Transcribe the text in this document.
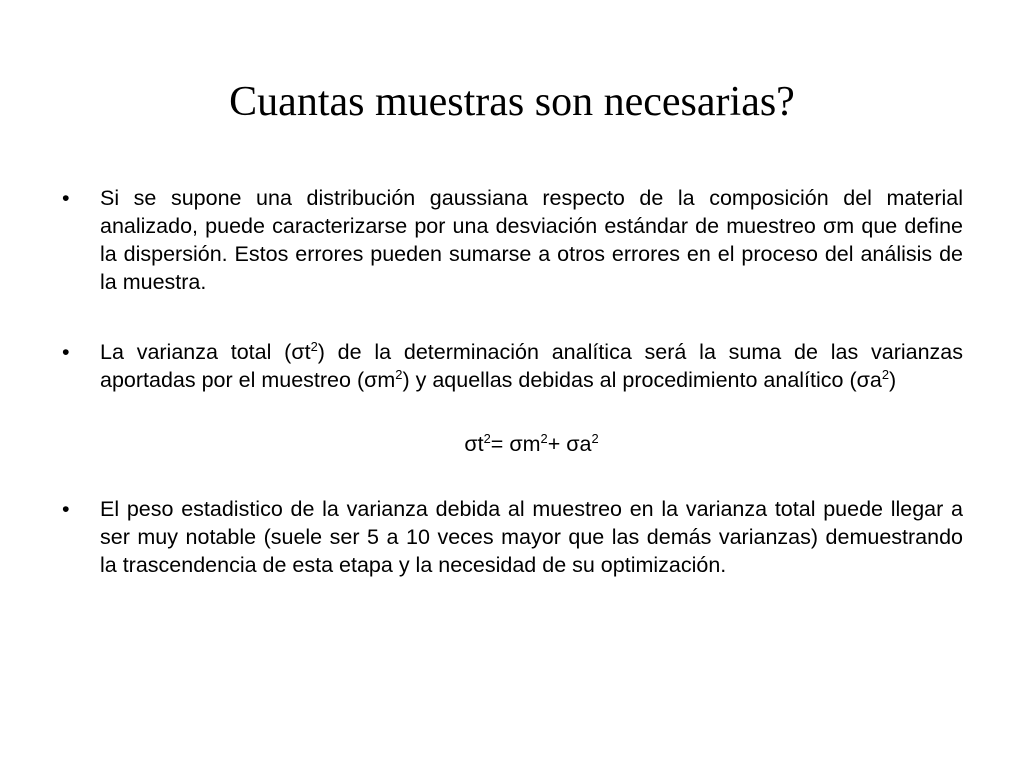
Cuantas muestras son necesarias?

•	Si se supone una distribución gaussiana respecto de la composición del material analizado, puede caracterizarse por una desviación estándar de muestreo σm que define la dispersión. Estos errores pueden sumarse a otros errores en el proceso del análisis de la muestra.

•	La varianza total $(\sigma t^2)$ de la determinación analítica será la suma de las varianzas aportadas por el muestreo $(\sigma m^2)$ y aquellas debidas al procedimiento analítico $(\sigma a^2)$

$\sigma t^2= \sigma m^2+ \sigma a^2$

•	El peso estadistico de la varianza debida al muestreo en la varianza total puede llegar a ser muy notable (suele ser 5 a 10 veces mayor que las demás varianzas) demuestrando la trascendencia de esta etapa y la necesidad de su optimización.
